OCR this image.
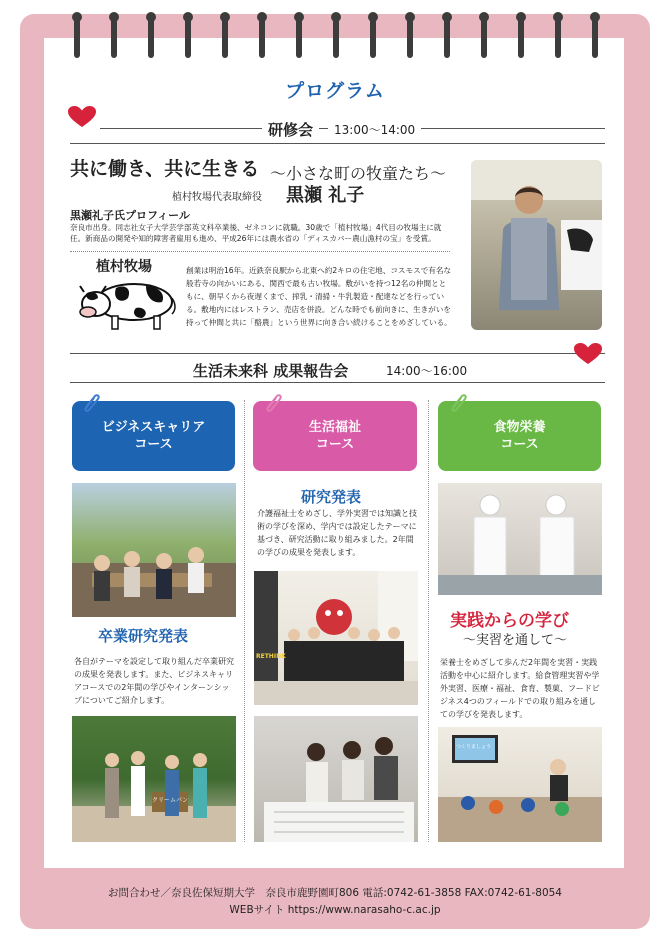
プログラム
研修会	13:00～14:00
共に働き、共に生きる ～小さな町の牧童たち～
植村牧場代表取締役 黒瀬 礼子
黒瀬礼子氏プロフィール
奈良市出身。同志社女子大学芸学部英文科卒業後、ゼネコンに就職。30歳で「植村牧場」4代目の牧場主に就任。新商品の開発や知的障害者雇用も進め、平成26年には農水省の「ディスカバー農山漁村の宝」を受賞。
植村牧場	創業は明治16年。近鉄奈良駅から北東へ約2キロの住宅地、コスモスで有名な般若寺の向かいにある、関西で最も古い牧場。敷がいを持つ12名の仲間とともに、朝早くから夜遅くまで、搾乳・清掃・牛乳製造・配達などを行っている。敷地内にはレストラン、売店を併設。どんな時でも前向きに、生きがいを持って仲間と共に「酪農」という世界に向き合い続けることをめざしている。
生活未来科 成果報告会	14:00～16:00
ビジネスキャリア
コース
生活福祉
コース
食物栄養
コース
卒業研究発表
各自がテーマを設定して取り組んだ卒業研究の成果を発表します。また、ビジネスキャリアコースでの2年間の学びやインターンシップについてご紹介します。
クリームパン
研究発表
介護福祉士をめざし、学外実習では知識と技術の学びを深め、学内では設定したテーマに基づき、研究活動に取り組みました。2年間の学びの成果を発表します。
RETHINK
実践からの学び
～実習を通して～
栄養士をめざして歩んだ2年間を実習・実践活動を中心に紹介します。給食管理実習や学外実習、医療・福祉、食育、製菓、フードビジネス4つのフィールドでの取り組みを通しての学びを発表します。
つくりましょう
お問合わせ／奈良佐保短期大学　奈良市鹿野園町806 電話:0742-61-3858 FAX:0742-61-8054
WEBサイト https://www.narasaho-c.ac.jp
